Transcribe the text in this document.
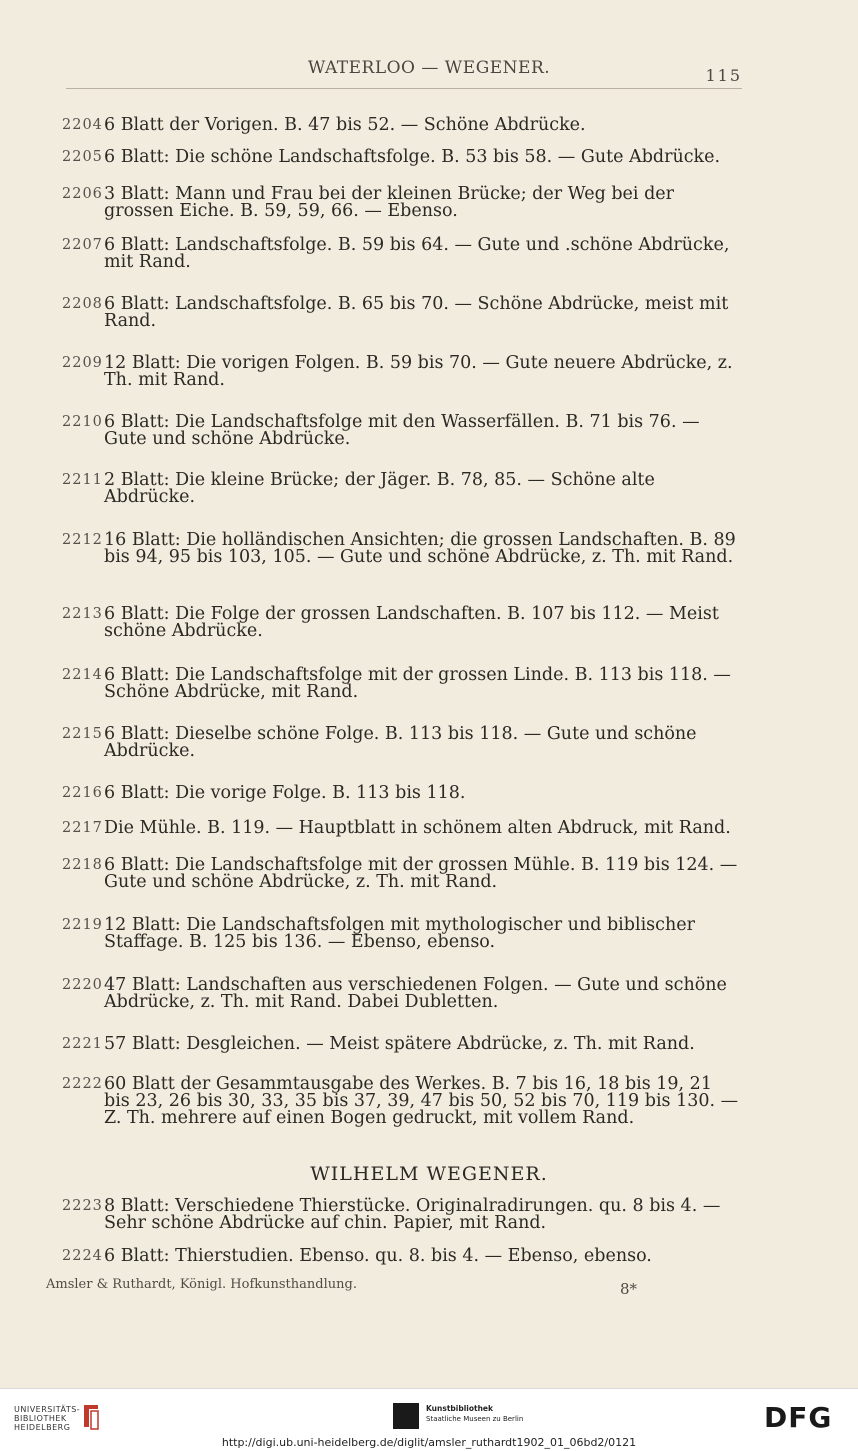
WATERLOO — WEGENER.	115
2204 6 Blatt der Vorigen. B. 47 bis 52. — Schöne Abdrücke.
2205 6 Blatt: Die schöne Landschaftsfolge. B. 53 bis 58. — Gute Abdrücke.
2206 3 Blatt: Mann und Frau bei der kleinen Brücke; der Weg bei der grossen Eiche. B. 59, 59, 66. — Ebenso.
2207 6 Blatt: Landschaftsfolge. B. 59 bis 64. — Gute und .schöne Abdrücke, mit Rand.
2208 6 Blatt: Landschaftsfolge. B. 65 bis 70. — Schöne Abdrücke, meist mit Rand.
2209 12 Blatt: Die vorigen Folgen. B. 59 bis 70. — Gute neuere Abdrücke, z. Th. mit Rand.
2210 6 Blatt: Die Landschaftsfolge mit den Wasserfällen. B. 71 bis 76. — Gute und schöne Abdrücke.
2211 2 Blatt: Die kleine Brücke; der Jäger. B. 78, 85. — Schöne alte Abdrücke.
2212 16 Blatt: Die holländischen Ansichten; die grossen Landschaften. B. 89 bis 94, 95 bis 103, 105. — Gute und schöne Abdrücke, z. Th. mit Rand.
2213 6 Blatt: Die Folge der grossen Landschaften. B. 107 bis 112. — Meist schöne Abdrücke.
2214 6 Blatt: Die Landschaftsfolge mit der grossen Linde. B. 113 bis 118. — Schöne Abdrücke, mit Rand.
2215 6 Blatt: Dieselbe schöne Folge. B. 113 bis 118. — Gute und schöne Abdrücke.
2216 6 Blatt: Die vorige Folge. B. 113 bis 118.
2217 Die Mühle. B. 119. — Hauptblatt in schönem alten Abdruck, mit Rand.
2218 6 Blatt: Die Landschaftsfolge mit der grossen Mühle. B. 119 bis 124. — Gute und schöne Abdrücke, z. Th. mit Rand.
2219 12 Blatt: Die Landschaftsfolgen mit mythologischer und biblischer Staffage. B. 125 bis 136. — Ebenso, ebenso.
2220 47 Blatt: Landschaften aus verschiedenen Folgen. — Gute und schöne Abdrücke, z. Th. mit Rand. Dabei Dubletten.
2221 57 Blatt: Desgleichen. — Meist spätere Abdrücke, z. Th. mit Rand.
2222 60 Blatt der Gesammtausgabe des Werkes. B. 7 bis 16, 18 bis 19, 21 bis 23, 26 bis 30, 33, 35 bis 37, 39, 47 bis 50, 52 bis 70, 119 bis 130. — Z. Th. mehrere auf einen Bogen gedruckt, mit vollem Rand.
WILHELM WEGENER.
2223 8 Blatt: Verschiedene Thierstücke. Originalradirungen. qu. 8 bis 4. — Sehr schöne Abdrücke auf chin. Papier, mit Rand.
2224 6 Blatt: Thierstudien. Ebenso. qu. 8. bis 4. — Ebenso, ebenso.
Amsler & Ruthardt, Königl. Hofkunsthandlung.	8*
UNIVERSITÄTS-
BIBLIOTHEK
HEIDELBERG
Kunstbibliothek
Staatliche Museen zu Berlin	DFG
http://digi.ub.uni-heidelberg.de/diglit/amsler_ruthardt1902_01_06bd2/0121
